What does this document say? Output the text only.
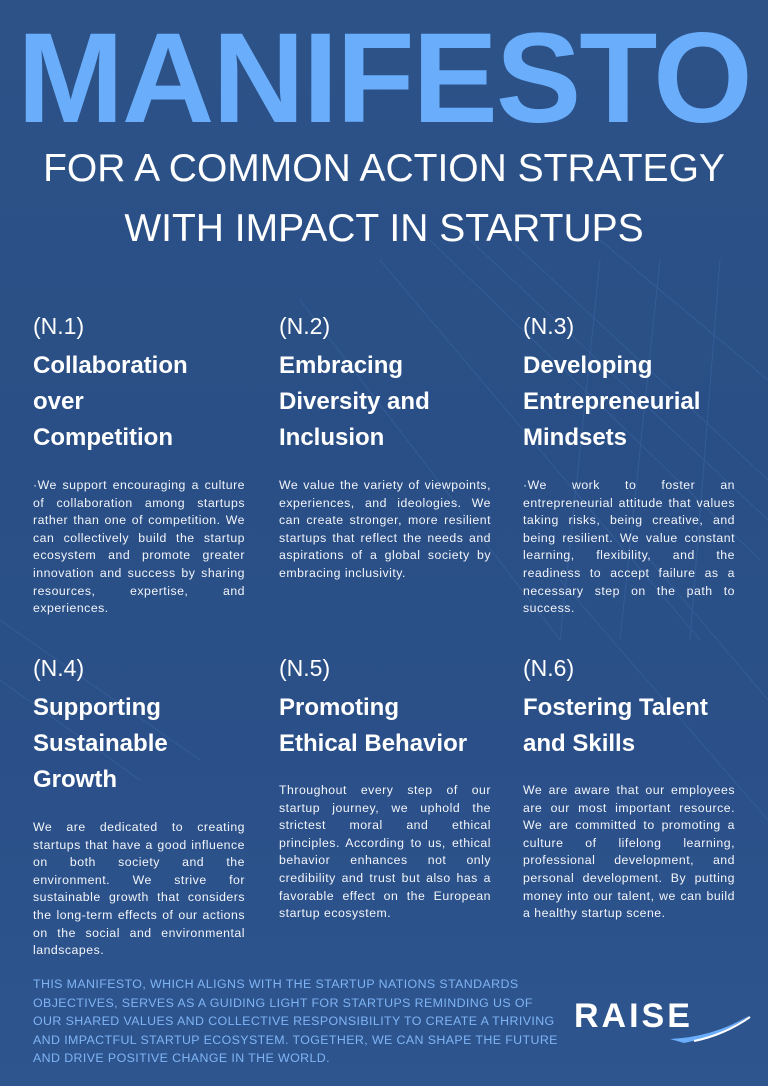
MANIFESTO
FOR A COMMON ACTION STRATEGY
WITH IMPACT IN STARTUPS
(N.1)
Collaboration
over
Competition
·We support encouraging a culture of collaboration among startups rather than one of competition. We can collectively build the startup ecosystem and promote greater innovation and success by sharing resources, expertise, and experiences.
(N.2)
Embracing
Diversity and
Inclusion
We value the variety of viewpoints, experiences, and ideologies. We can create stronger, more resilient startups that reflect the needs and aspirations of a global society by embracing inclusivity.
(N.3)
Developing
Entrepreneurial
Mindsets
·We work to foster an entrepreneurial attitude that values taking risks, being creative, and being resilient. We value constant learning, flexibility, and the readiness to accept failure as a necessary step on the path to success.
(N.4)
Supporting
Sustainable
Growth
We are dedicated to creating startups that have a good influence on both society and the environment. We strive for sustainable growth that considers the long-term effects of our actions on the social and environmental landscapes.
(N.5)
Promoting
Ethical Behavior
Throughout every step of our startup journey, we uphold the strictest moral and ethical principles. According to us, ethical behavior enhances not only credibility and trust but also has a favorable effect on the European startup ecosystem.
(N.6)
Fostering Talent
and Skills
We are aware that our employees are our most important resource. We are committed to promoting a culture of lifelong learning, professional development, and personal development. By putting money into our talent, we can build a healthy startup scene.
THIS MANIFESTO, WHICH ALIGNS WITH THE STARTUP NATIONS STANDARDS OBJECTIVES, SERVES AS A GUIDING LIGHT FOR STARTUPS REMINDING US OF OUR SHARED VALUES AND COLLECTIVE RESPONSIBILITY TO CREATE A THRIVING AND IMPACTFUL STARTUP ECOSYSTEM. TOGETHER, WE CAN SHAPE THE FUTURE AND DRIVE POSITIVE CHANGE IN THE WORLD.
RAISE
